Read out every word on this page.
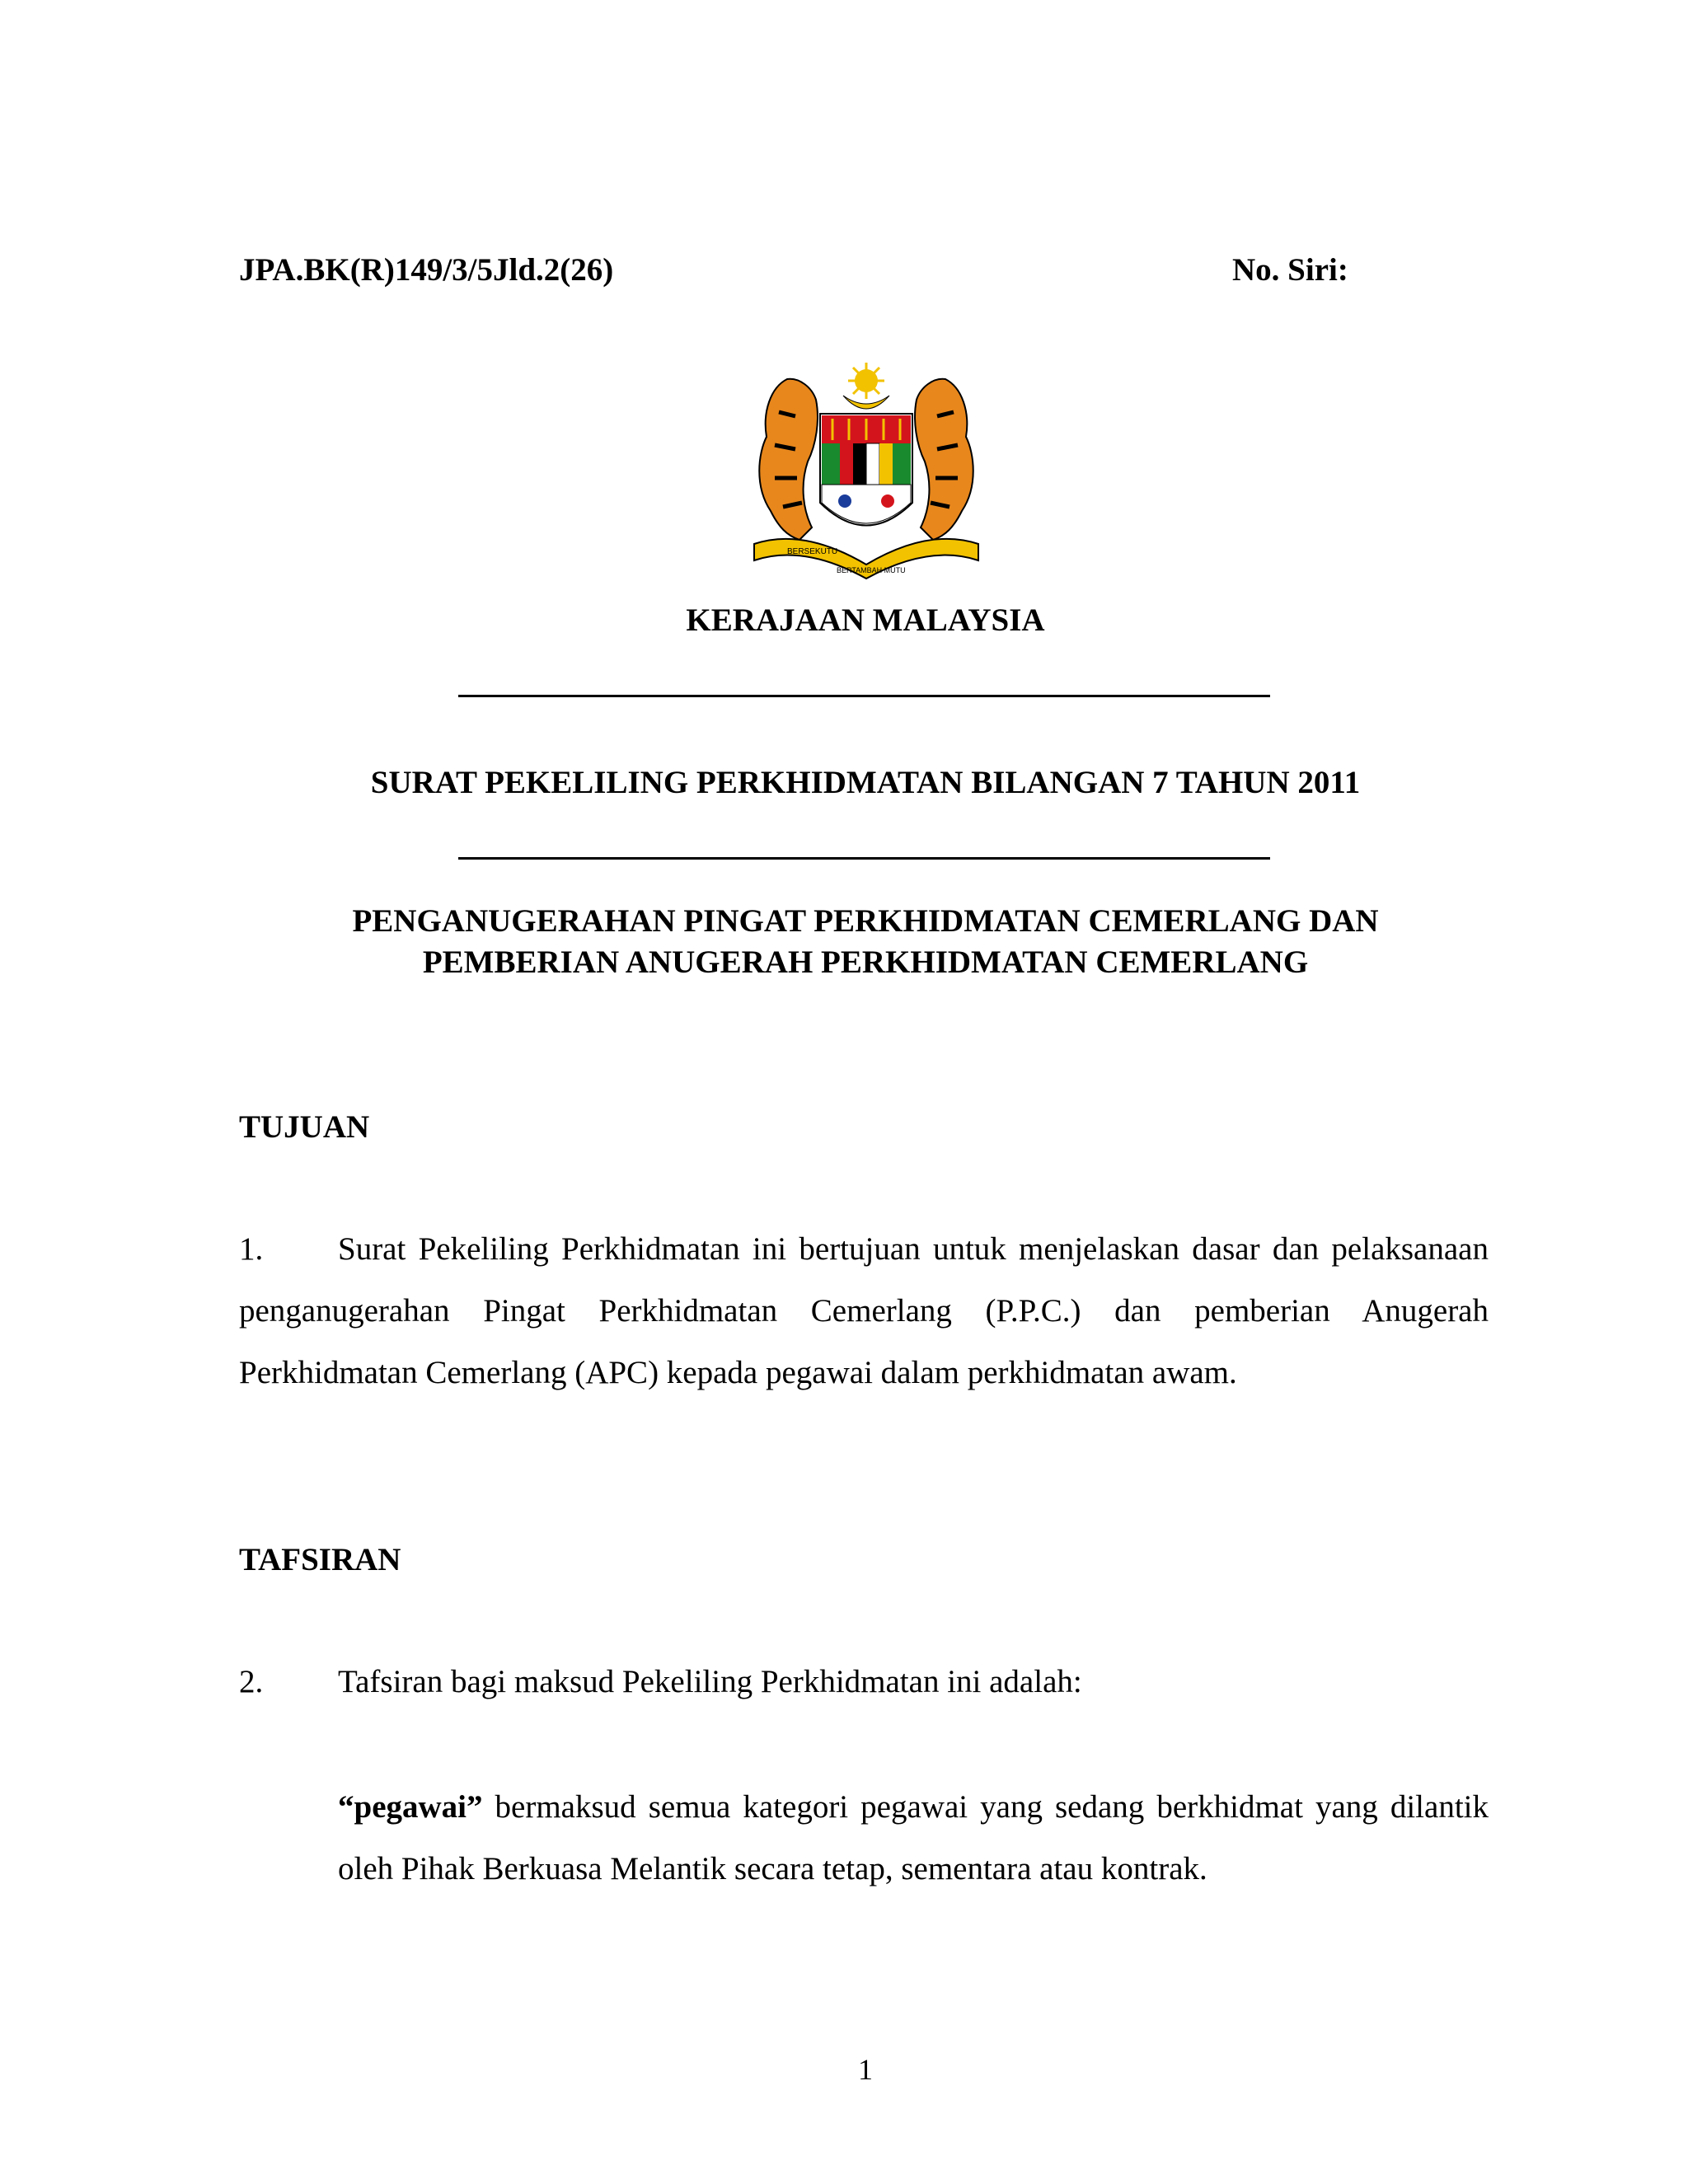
JPA.BK(R)149/3/5Jld.2(26)	No. Siri:
BERSEKUTU
BERTAMBAH MUTU
KERAJAAN MALAYSIA
SURAT PEKELILING PERKHIDMATAN BILANGAN 7 TAHUN 2011
PENGANUGERAHAN PINGAT PERKHIDMATAN CEMERLANG DAN
PEMBERIAN ANUGERAH PERKHIDMATAN CEMERLANG
TUJUAN
1. Surat Pekeliling Perkhidmatan ini bertujuan untuk menjelaskan dasar dan pelaksanaan penganugerahan Pingat Perkhidmatan Cemerlang (P.P.C.) dan pemberian Anugerah Perkhidmatan Cemerlang (APC) kepada pegawai dalam perkhidmatan awam.
TAFSIRAN
2. Tafsiran bagi maksud Pekeliling Perkhidmatan ini adalah:
“pegawai” bermaksud semua kategori pegawai yang sedang berkhidmat yang dilantik oleh Pihak Berkuasa Melantik secara tetap, sementara atau kontrak.
1
